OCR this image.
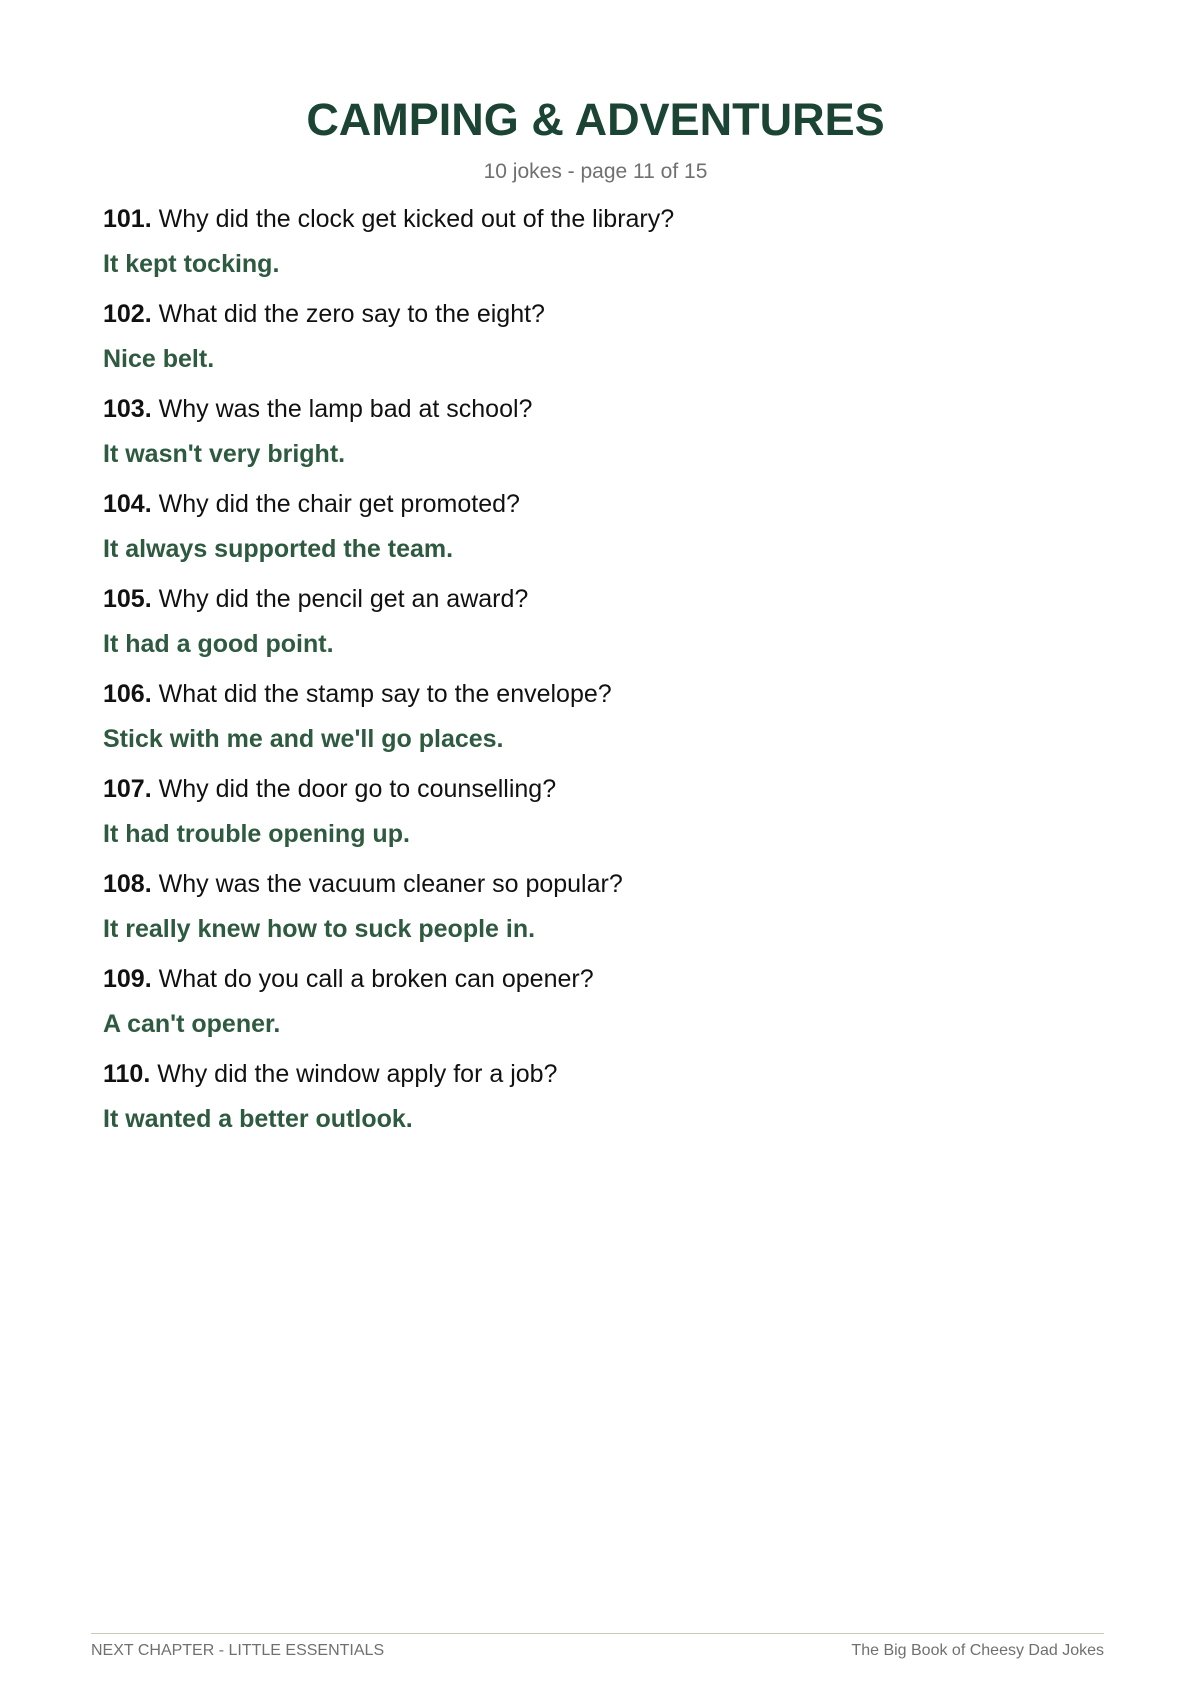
CAMPING & ADVENTURES
10 jokes - page 11 of 15
101. Why did the clock get kicked out of the library?
It kept tocking.
102. What did the zero say to the eight?
Nice belt.
103. Why was the lamp bad at school?
It wasn't very bright.
104. Why did the chair get promoted?
It always supported the team.
105. Why did the pencil get an award?
It had a good point.
106. What did the stamp say to the envelope?
Stick with me and we'll go places.
107. Why did the door go to counselling?
It had trouble opening up.
108. Why was the vacuum cleaner so popular?
It really knew how to suck people in.
109. What do you call a broken can opener?
A can't opener.
110. Why did the window apply for a job?
It wanted a better outlook.
NEXT CHAPTER - LITTLE ESSENTIALS	The Big Book of Cheesy Dad Jokes
